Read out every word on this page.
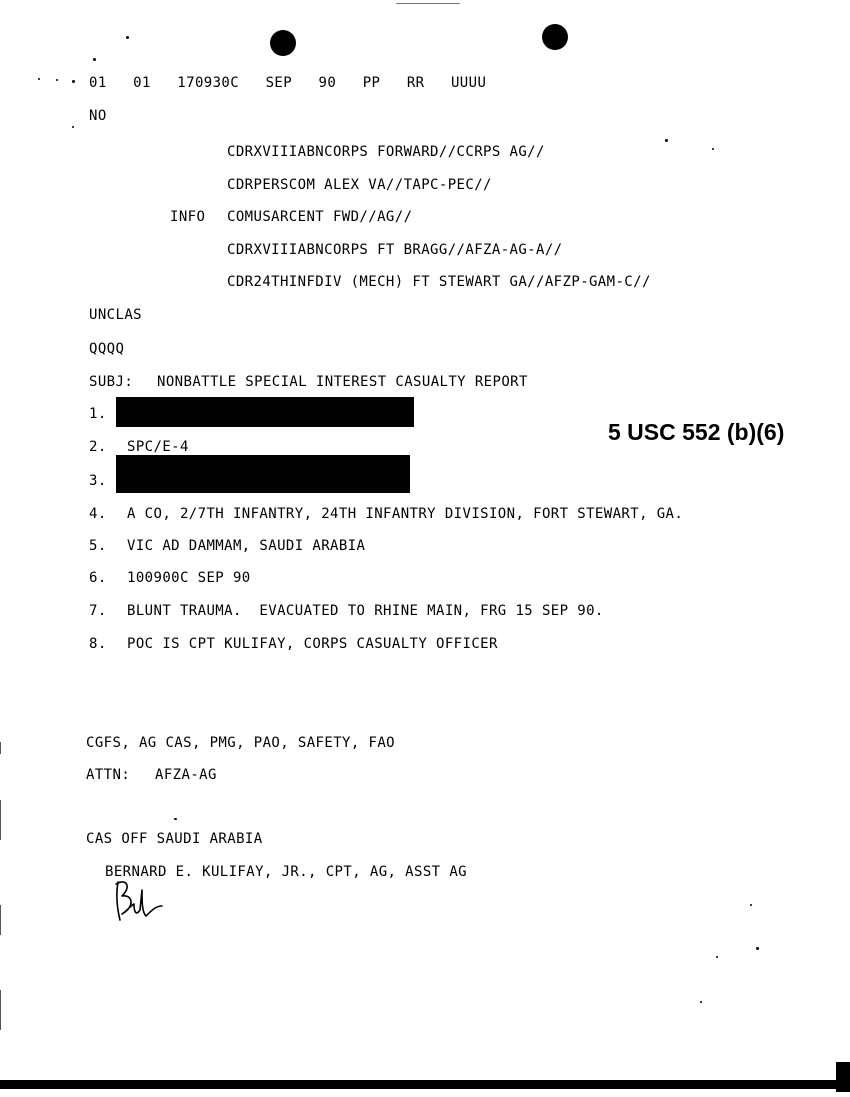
01   01   170930C   SEP   90   PP   RR   UUUU
NO
CDRXVIIIABNCORPS FORWARD//CCRPS AG//
CDRPERSCOM ALEX VA//TAPC-PEC//
INFO COMUSARCENT FWD//AG//
CDRXVIIIABNCORPS FT BRAGG//AFZA-AG-A//
CDR24THINFDIV (MECH) FT STEWART GA//AFZP-GAM-C//
UNCLAS
QQQQ
SUBJ: NONBATTLE SPECIAL INTEREST CASUALTY REPORT
1.
2. SPC/E-4
5 USC 552 (b)(6)
3.
4. A CO, 2/7TH INFANTRY, 24TH INFANTRY DIVISION, FORT STEWART, GA.
5. VIC AD DAMMAM, SAUDI ARABIA
6. 100900C SEP 90
7. BLUNT TRAUMA.  EVACUATED TO RHINE MAIN, FRG 15 SEP 90.
8. POC IS CPT KULIFAY, CORPS CASUALTY OFFICER
CGFS, AG CAS, PMG, PAO, SAFETY, FAO
ATTN: AFZA-AG
CAS OFF SAUDI ARABIA
BERNARD E. KULIFAY, JR., CPT, AG, ASST AG
